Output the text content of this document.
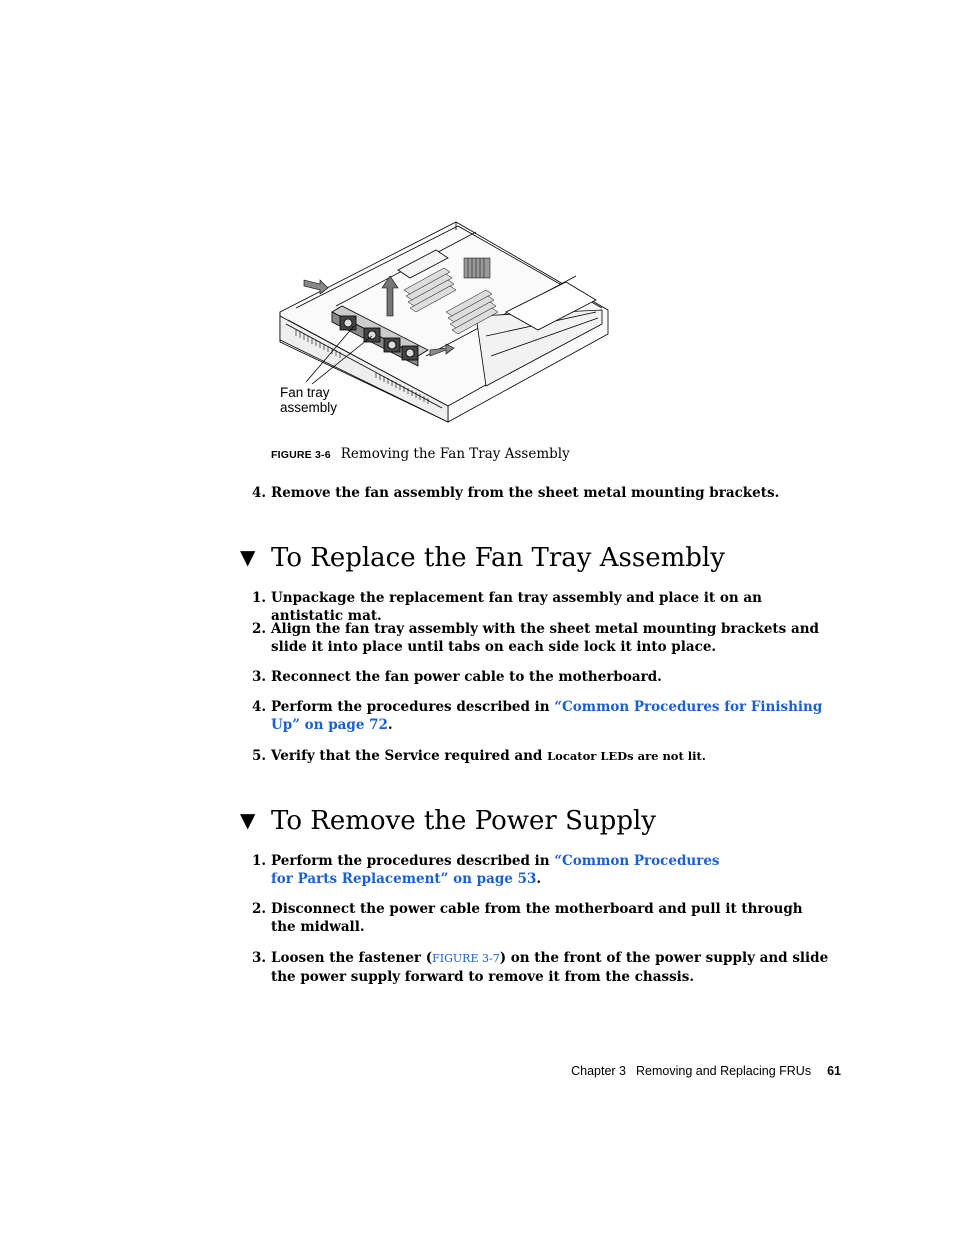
Fan tray
assembly
FIGURE 3-6 Removing the Fan Tray Assembly
4. Remove the fan assembly from the sheet metal mounting brackets.
▼ To Replace the Fan Tray Assembly
1. Unpackage the replacement fan tray assembly and place it on an antistatic mat.
2. Align the fan tray assembly with the sheet metal mounting brackets and slide it into place until tabs on each side lock it into place.
3. Reconnect the fan power cable to the motherboard.
4. Perform the procedures described in “Common Procedures for Finishing Up” on page 72.
5. Verify that the Service required and Locator LEDs are not lit.
▼ To Remove the Power Supply
1. Perform the procedures described in “Common Procedures for Parts Replacement” on page 53.
2. Disconnect the power cable from the motherboard and pull it through the midwall.
3. Loosen the fastener (FIGURE 3-7) on the front of the power supply and slide the power supply forward to remove it from the chassis.
Chapter 3 Removing and Replacing FRUs 61
